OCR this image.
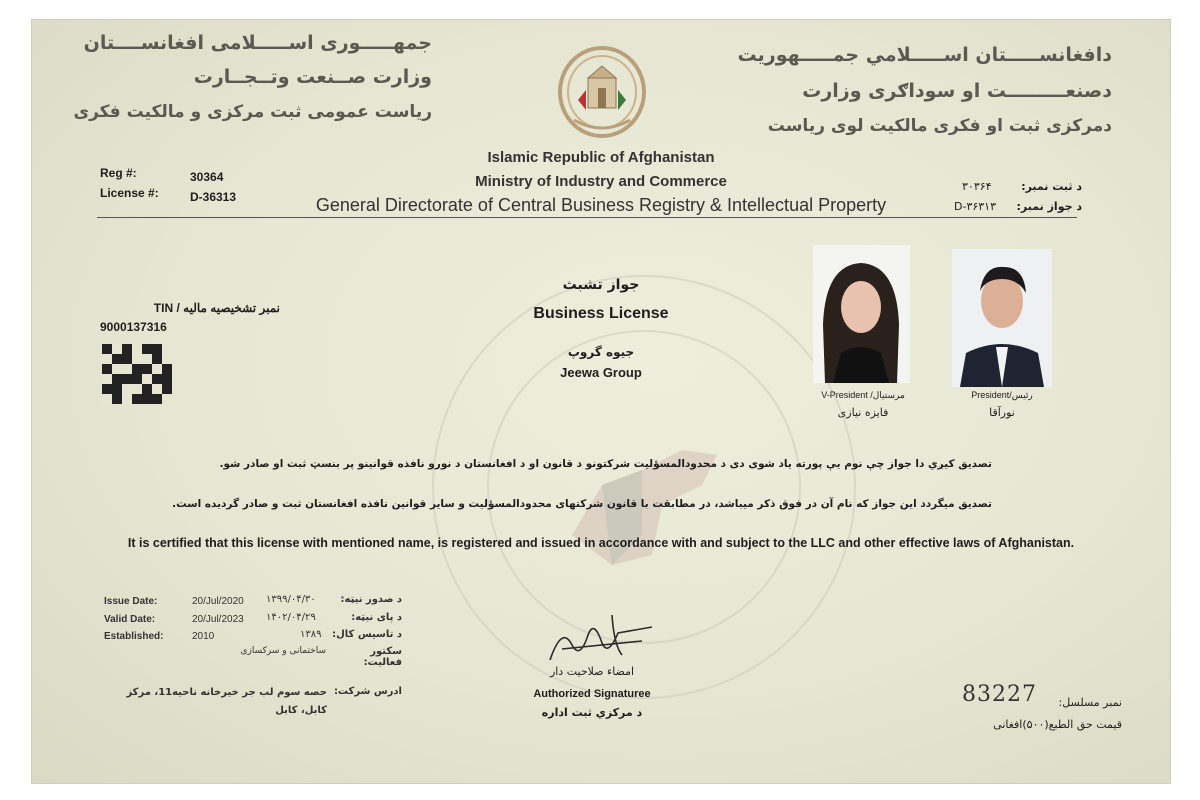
جمهـــــوری اســـــلامی افغانســــتان
وزارت صــنعت وتــجــارت
ریاست عمومی ثبت مرکزی و مالکیت فکری
دافغانســـــتان اســـــلامي جمـــــهوريت
دصنعـــــــــت او سوداګری وزارت
دمرکزی ثبت او فکری مالکیت لوی ریاست
Islamic Republic of Afghanistan
Ministry of Industry and Commerce
General Directorate of Central Business Registry & Intellectual Property
Reg #:	30364
License #:	D-36313
د ثبت نمبر:
۳۰۳۶۴
د جواز نمبر:
D-۳۶۳۱۳
نمبر تشخیصیه مالیه / TIN
9000137316
جواز تشبث
Business License
جیوه گروپ
Jeewa Group
V-President /مرستیال
فایزه نیازی
President/رئیس
نورآقا
تصدیق کیږي دا جواز چې نوم یې پورته یاد شوی دی د محدودالمسؤلیت شرکتونو د قانون او د افغانستان د نورو نافذه قوانینو پر بنسټ ثبت او صادر شو.
تصدیق میگردد این جواز که نام آن در فوق ذکر میباشد، در مطابقت با قانون شرکتهای محدودالمسؤلیت و سایر قوانین نافذه افغانستان ثبت و صادر گردیده است.
It is certified that this license with mentioned name, is registered and issued in accordance with and subject to the LLC and other effective laws of Afghanistan.
Issue Date:	20/Jul/2020 ۱۳۹۹/۰۴/۳۰	د صدور نیټه:
Valid Date:	20/Jul/2023 ۱۴۰۲/۰۴/۲۹	د پای نیټه:
Established:	2010	۱۳۸۹ د تاسیس کال:
ساختمانی و سرکسازی	سکتور فعالیت:
ادرس شرکت:
حصه سوم لب جر خیرخانه ناحیه11، مرکز کابل، کابل
امضاء صلاحیت دار
Authorized Signaturee
د مرکزي ثبت اداره
83227	نمبر مسلسل:
قیمت حق الطبع(۵۰۰)افغانی
